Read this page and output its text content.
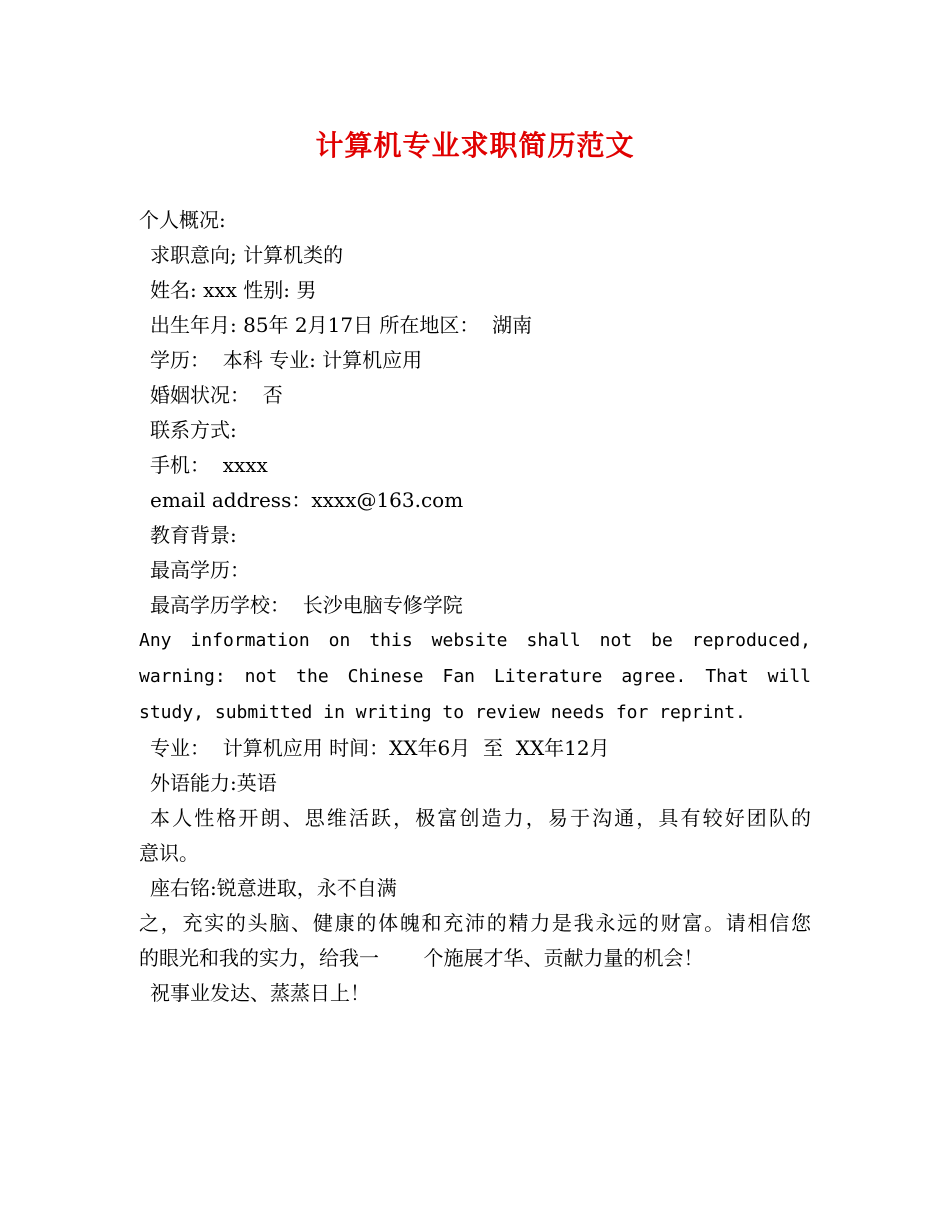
计算机专业求职简历范文
个人概况:
求职意向; 计算机类的
姓名: xxx 性别: 男
出生年月: 85年 2月17日 所在地区：  湖南
学历：  本科 专业: 计算机应用
婚姻状况：  否
联系方式:
手机：  xxxx
email address：xxxx@163.com
教育背景:
最高学历：
最高学历学校：  长沙电脑专修学院
Any information on this website shall not be reproduced,
warning: not the Chinese Fan Literature agree. That will
study, submitted in writing to review needs for reprint.
专业：  计算机应用 时间：XX年6月  至  XX年12月
外语能力:英语
本人性格开朗、思维活跃，极富创造力，易于沟通，具有较好团队的
意识。
座右铭:锐意进取，永不自满
之，充实的头脑、健康的体魄和充沛的精力是我永远的财富。请相信您
的眼光和我的实力，给我一       个施展才华、贡献力量的机会！
祝事业发达、蒸蒸日上！
